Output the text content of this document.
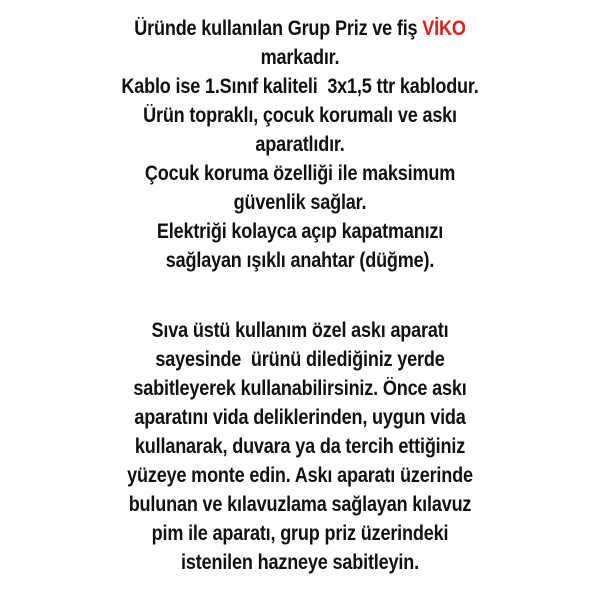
Üründe kullanılan Grup Priz ve fiş VİKO
markadır.
Kablo ise 1.Sınıf kaliteli  3x1,5 ttr kablodur.
Ürün topraklı, çocuk korumalı ve askı
aparatlıdır.
Çocuk koruma özelliği ile maksimum
güvenlik sağlar.
Elektriği kolayca açıp kapatmanızı
sağlayan ışıklı anahtar (düğme).
Sıva üstü kullanım özel askı aparatı
sayesinde  ürünü dilediğiniz yerde
sabitleyerek kullanabilirsiniz. Önce askı
aparatını vida deliklerinden, uygun vida
kullanarak, duvara ya da tercih ettiğiniz
yüzeye monte edin. Askı aparatı üzerinde
bulunan ve kılavuzlama sağlayan kılavuz
pim ile aparatı, grup priz üzerindeki
istenilen hazneye sabitleyin.
